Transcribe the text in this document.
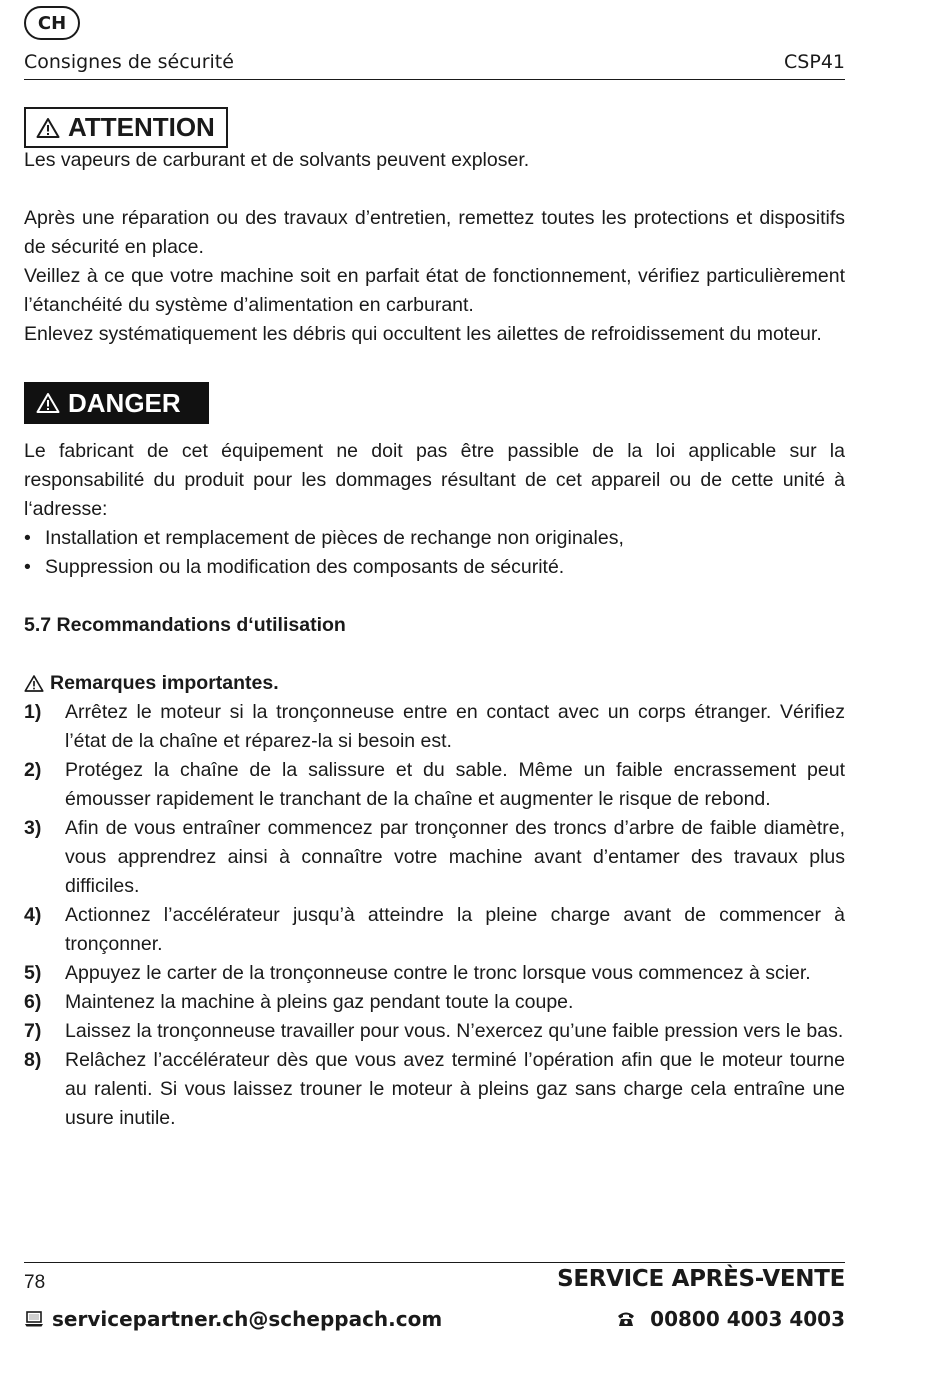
CH
Consignes de sécurité	CSP41
ATTENTION

Les vapeurs de carburant et de solvants peuvent exploser.

Après une réparation ou des travaux d’entretien, remettez toutes les protections et dispositifs de sécurité en place.

Veillez à ce que votre machine soit en parfait état de fonctionnement, vérifiez particulièrement l’étanchéité du système d’alimentation en carburant.

Enlevez systématiquement les débris qui occultent les ailettes de refroidissement du moteur.

DANGER

Le fabricant de cet équipement ne doit pas être passible de la loi applicable sur la responsabilité du produit pour les dommages résultant de cet appareil ou de cette unité à l‘adresse:

• Installation et remplacement de pièces de rechange non originales,
• Suppression ou la modification des composants de sécurité.

5.7 Recommandations d‘utilisation

Remarques importantes.
1)	Arrêtez le moteur si la tronçonneuse entre en contact avec un corps étranger. Vérifiez l’état de la chaîne et réparez-la si besoin est.
2)	Protégez la chaîne de la salissure et du sable. Même un faible encrassement peut émousser rapidement le tranchant de la chaîne et augmenter le risque de rebond.
3)	Afin de vous entraîner commencez par tronçonner des troncs d’arbre de faible diamètre, vous apprendrez ainsi à connaître votre machine avant d’entamer des travaux plus difficiles.
4)	Actionnez l’accélérateur jusqu’à atteindre la pleine charge avant de commencer à tronçonner.
5)	Appuyez le carter de la tronçonneuse contre le tronc lorsque vous commencez à scier.
6)	Maintenez la machine à pleins gaz pendant toute la coupe.
7)	Laissez la tronçonneuse travailler pour vous. N’exercez qu’une faible pression vers le bas.
8)	Relâchez l’accélérateur dès que vous avez terminé l’opération afin que le moteur tourne au ralenti. Si vous laissez trouner le moteur à pleins gaz sans charge cela entraîne une usure inutile.
78	SERVICE APRÈS-VENTE
servicepartner.ch@scheppach.com	00800 4003 4003
